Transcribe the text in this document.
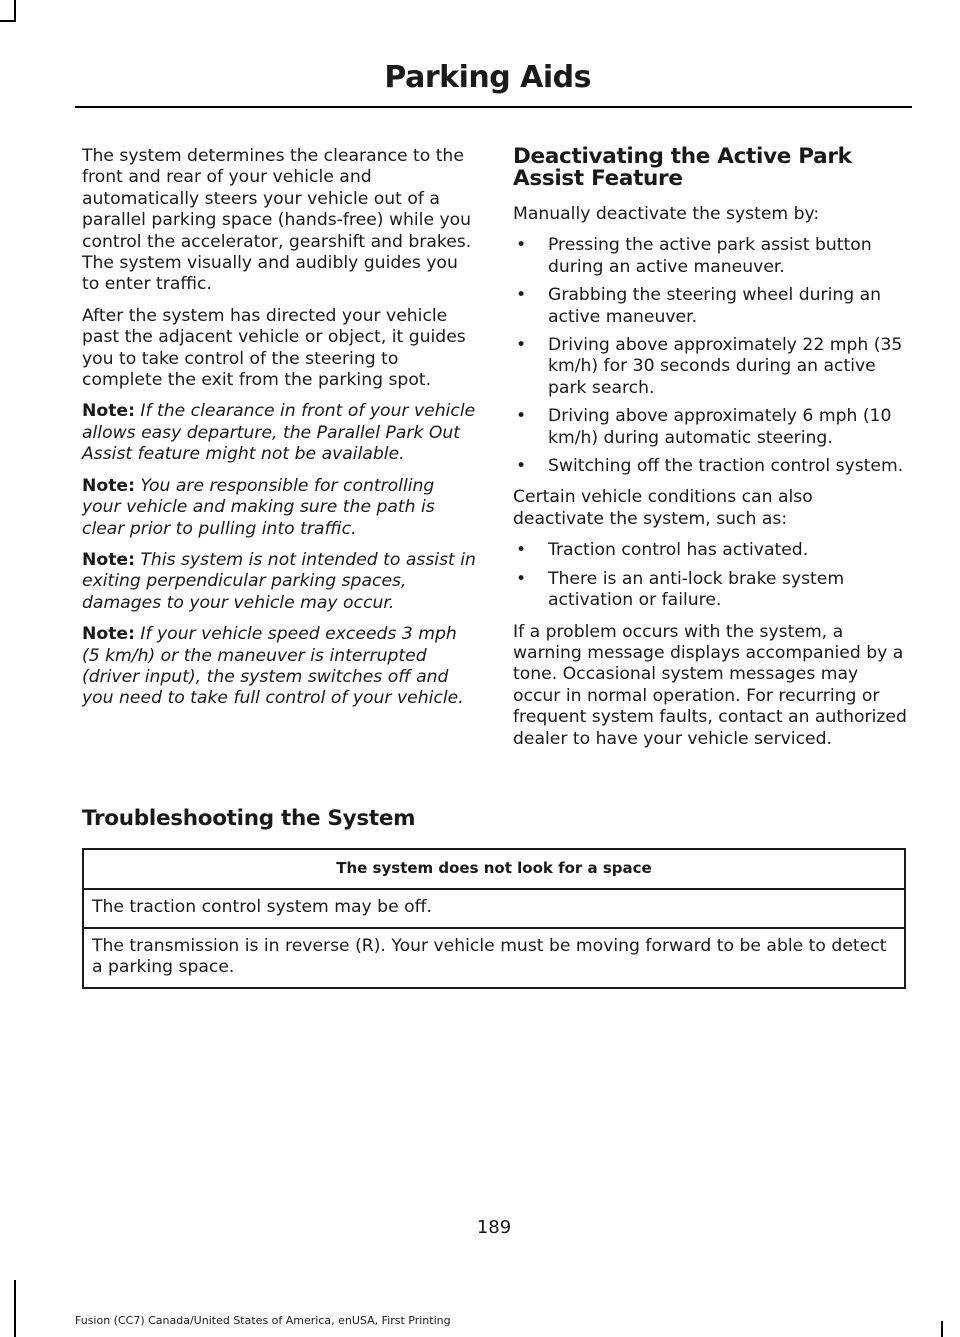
Parking Aids

The system determines the clearance to the front and rear of your vehicle and automatically steers your vehicle out of a parallel parking space (hands-free) while you control the accelerator, gearshift and brakes. The system visually and audibly guides you to enter traffic.

After the system has directed your vehicle past the adjacent vehicle or object, it guides you to take control of the steering to complete the exit from the parking spot.

Note: If the clearance in front of your vehicle allows easy departure, the Parallel Park Out Assist feature might not be available.

Note: You are responsible for controlling your vehicle and making sure the path is clear prior to pulling into traffic.

Note: This system is not intended to assist in exiting perpendicular parking spaces, damages to your vehicle may occur.

Note: If your vehicle speed exceeds 3 mph (5 km/h) or the maneuver is interrupted (driver input), the system switches off and you need to take full control of your vehicle.

Deactivating the Active Park Assist Feature

Manually deactivate the system by:

• Pressing the active park assist button during an active maneuver.
• Grabbing the steering wheel during an active maneuver.
• Driving above approximately 22 mph (35 km/h) for 30 seconds during an active park search.
• Driving above approximately 6 mph (10 km/h) during automatic steering.
• Switching off the traction control system.

Certain vehicle conditions can also deactivate the system, such as:

• Traction control has activated.
• There is an anti-lock brake system activation or failure.

If a problem occurs with the system, a warning message displays accompanied by a tone. Occasional system messages may occur in normal operation. For recurring or frequent system faults, contact an authorized dealer to have your vehicle serviced.

Troubleshooting the System
The system does not look for a space
The traction control system may be off.
The transmission is in reverse (R). Your vehicle must be moving forward to be able to detect a parking space.
189
Fusion (CC7) Canada/United States of America, enUSA, First Printing
